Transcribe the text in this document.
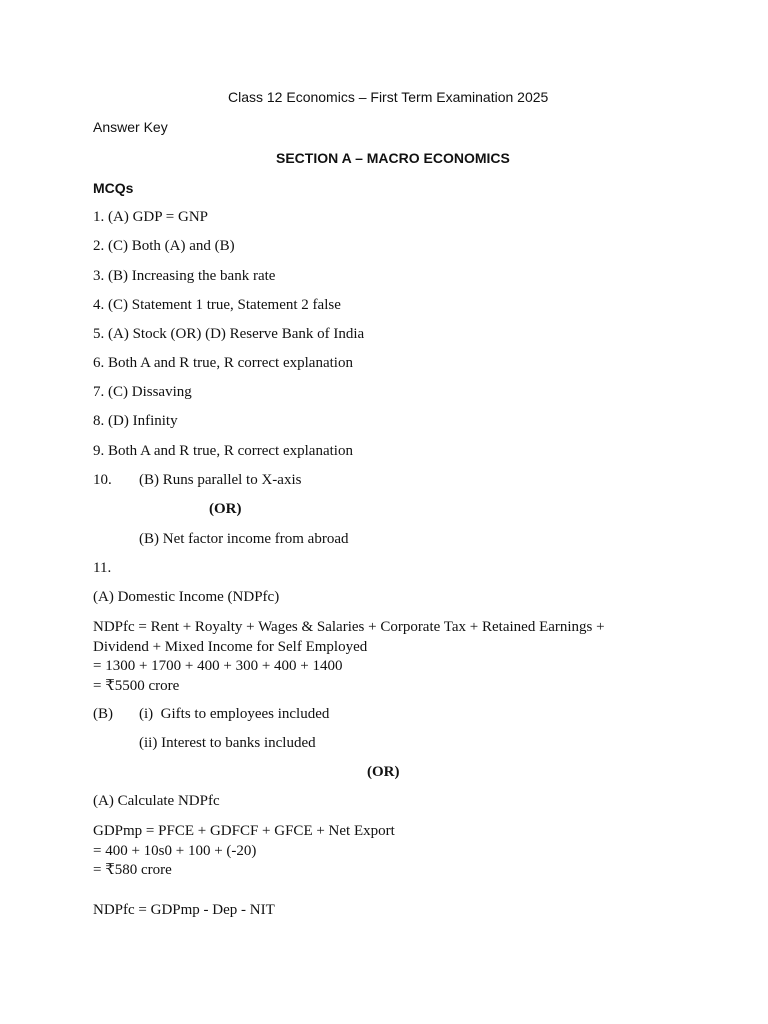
Class 12 Economics – First Term Examination 2025

Answer Key

SECTION A – MACRO ECONOMICS

MCQs

1. (A) GDP = GNP

2. (C) Both (A) and (B)

3. (B) Increasing the bank rate

4. (C) Statement 1 true, Statement 2 false

5. (A) Stock (OR) (D) Reserve Bank of India

6. Both A and R true, R correct explanation

7. (C) Dissaving

8. (D) Infinity

9. Both A and R true, R correct explanation

10. (B) Runs parallel to X-axis

(OR)

(B) Net factor income from abroad

11.

(A) Domestic Income (NDPfc)

NDPfc = Rent + Royalty + Wages & Salaries + Corporate Tax + Retained Earnings +
Dividend + Mixed Income for Self Employed
= 1300 + 1700 + 400 + 300 + 400 + 1400
= ₹5500 crore

(B) (i)  Gifts to employees included

(ii) Interest to banks included

(OR)

(A) Calculate NDPfc

GDPmp = PFCE + GDFCF + GFCE + Net Export
= 400 + 10s0 + 100 + (-20)
= ₹580 crore

NDPfc = GDPmp - Dep - NIT
